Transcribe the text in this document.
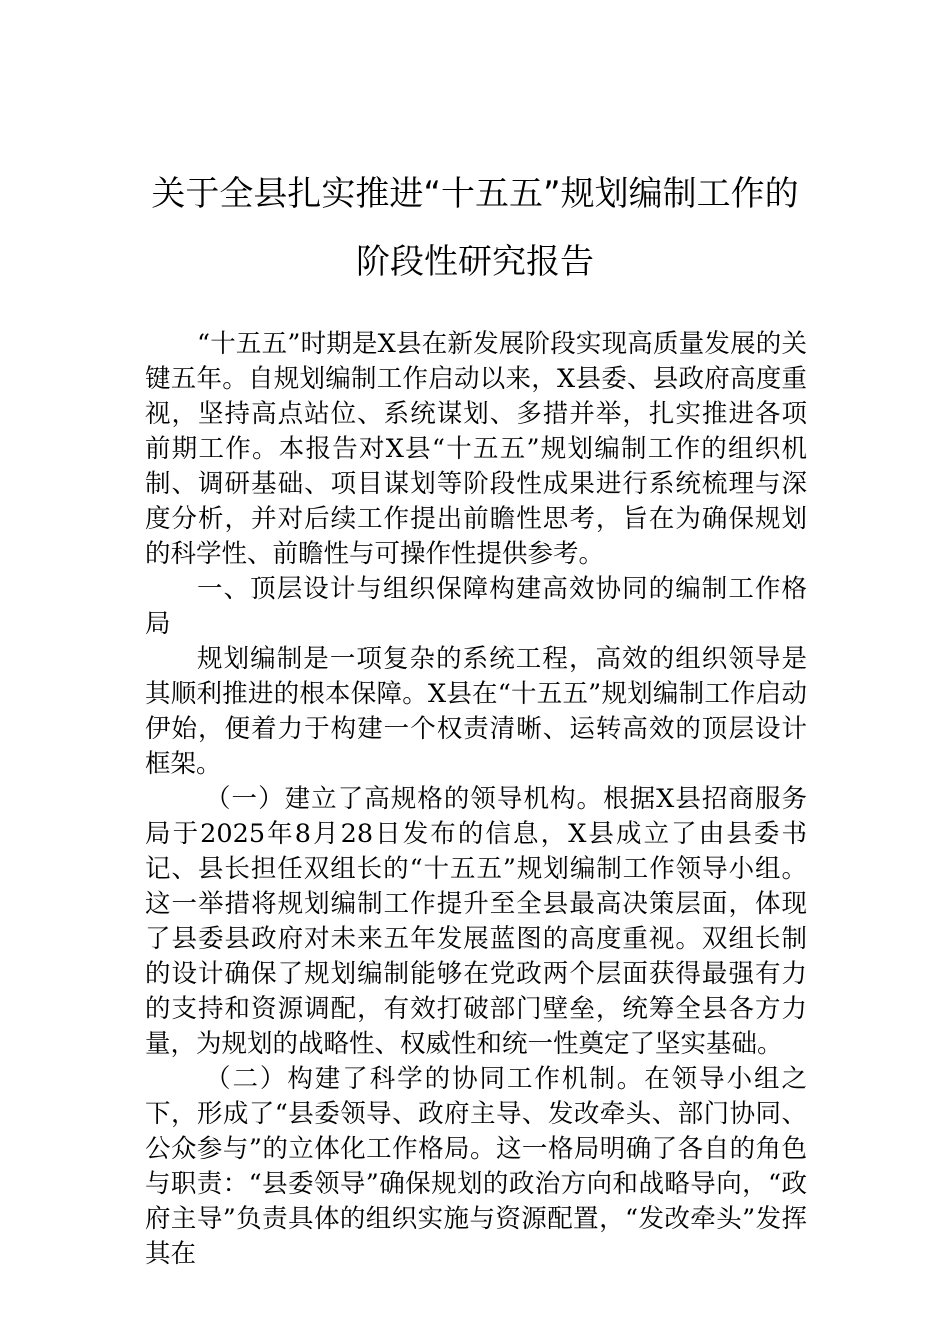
关于全县扎实推进“十五五”规划编制工作的
阶段性研究报告

“十五五”时期是X县在新发展阶段实现高质量发展的关键五年。自规划编制工作启动以来，X县委、县政府高度重视，坚持高点站位、系统谋划、多措并举，扎实推进各项前期工作。本报告对X县“十五五”规划编制工作的组织机制、调研基础、项目谋划等阶段性成果进行系统梳理与深度分析，并对后续工作提出前瞻性思考，旨在为确保规划的科学性、前瞻性与可操作性提供参考。

一、顶层设计与组织保障构建高效协同的编制工作格局

规划编制是一项复杂的系统工程，高效的组织领导是其顺利推进的根本保障。X县在“十五五”规划编制工作启动伊始，便着力于构建一个权责清晰、运转高效的顶层设计框架。

（一）建立了高规格的领导机构。根据X县招商服务局于2025年8月28日发布的信息，X县成立了由县委书记、县长担任双组长的“十五五”规划编制工作领导小组。这一举措将规划编制工作提升至全县最高决策层面，体现了县委县政府对未来五年发展蓝图的高度重视。双组长制的设计确保了规划编制能够在党政两个层面获得最强有力的支持和资源调配，有效打破部门壁垒，统筹全县各方力量，为规划的战略性、权威性和统一性奠定了坚实基础。

（二）构建了科学的协同工作机制。在领导小组之下，形成了“县委领导、政府主导、发改牵头、部门协同、公众参与”的立体化工作格局。这一格局明确了各自的角色与职责：“县委领导”确保规划的政治方向和战略导向，“政府主导”负责具体的组织实施与资源配置，“发改牵头”发挥其在
